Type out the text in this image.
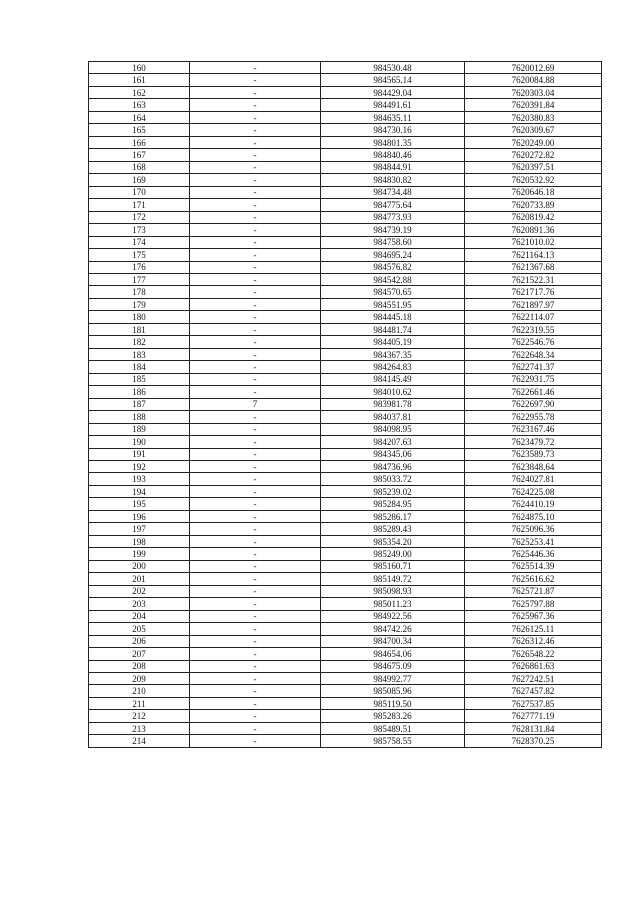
160	-	984530.48	7620012.69
161	-	984565.14	7620084.88
162	-	984429.04	7620303.04
163	-	984491.61	7620391.84
164	-	984635.11	7620380.83
165	-	984730.16	7620309.67
166	-	984801.35	7620249.00
167	-	984840.46	7620272.82
168	-	984844.91	7620397.51
169	-	984830.82	7620532.92
170	-	984734.48	7620646.18
171	-	984775.64	7620733.89
172	-	984773.93	7620819.42
173	-	984739.19	7620891.36
174	-	984758.60	7621010.02
175	-	984695.24	7621164.13
176	-	984576.82	7621367.68
177	-	984542.88	7621522.31
178	-	984570.65	7621717.76
179	-	984551.95	7621897.97
180	-	984445.18	7622114.07
181	-	984481.74	7622319.55
182	-	984405.19	7622546.76
183	-	984367.35	7622648.34
184	-	984264.83	7622741.37
185	-	984145.49	7622931.75
186	-	984010.62	7622661.46
187	7	983981.78	7622697.90
188	-	984037.81	7622955.78
189	-	984098.95	7623167.46
190	-	984207.63	7623479.72
191	-	984345.06	7623589.73
192	-	984736.96	7623848.64
193	-	985033.72	7624027.81
194	-	985239.02	7624225.08
195	-	985284.95	7624410.19
196	-	985286.17	7624875.10
197	-	985289.43	7625096.36
198	-	985354.20	7625253.41
199	-	985249.00	7625446.36
200	-	985160.71	7625514.39
201	-	985149.72	7625616.62
202	-	985098.93	7625721.87
203	-	985011.23	7625797.88
204	-	984922.56	7625967.36
205	-	984742.26	7626125.11
206	-	984700.34	7626312.46
207	-	984654.06	7626548.22
208	-	984675.09	7626861.63
209	-	984992.77	7627242.51
210	-	985085.96	7627457.82
211	-	985119.50	7627537.85
212	-	985283.26	7627771.19
213	-	985489.51	7628131.84
214	-	985758.55	7628370.25
